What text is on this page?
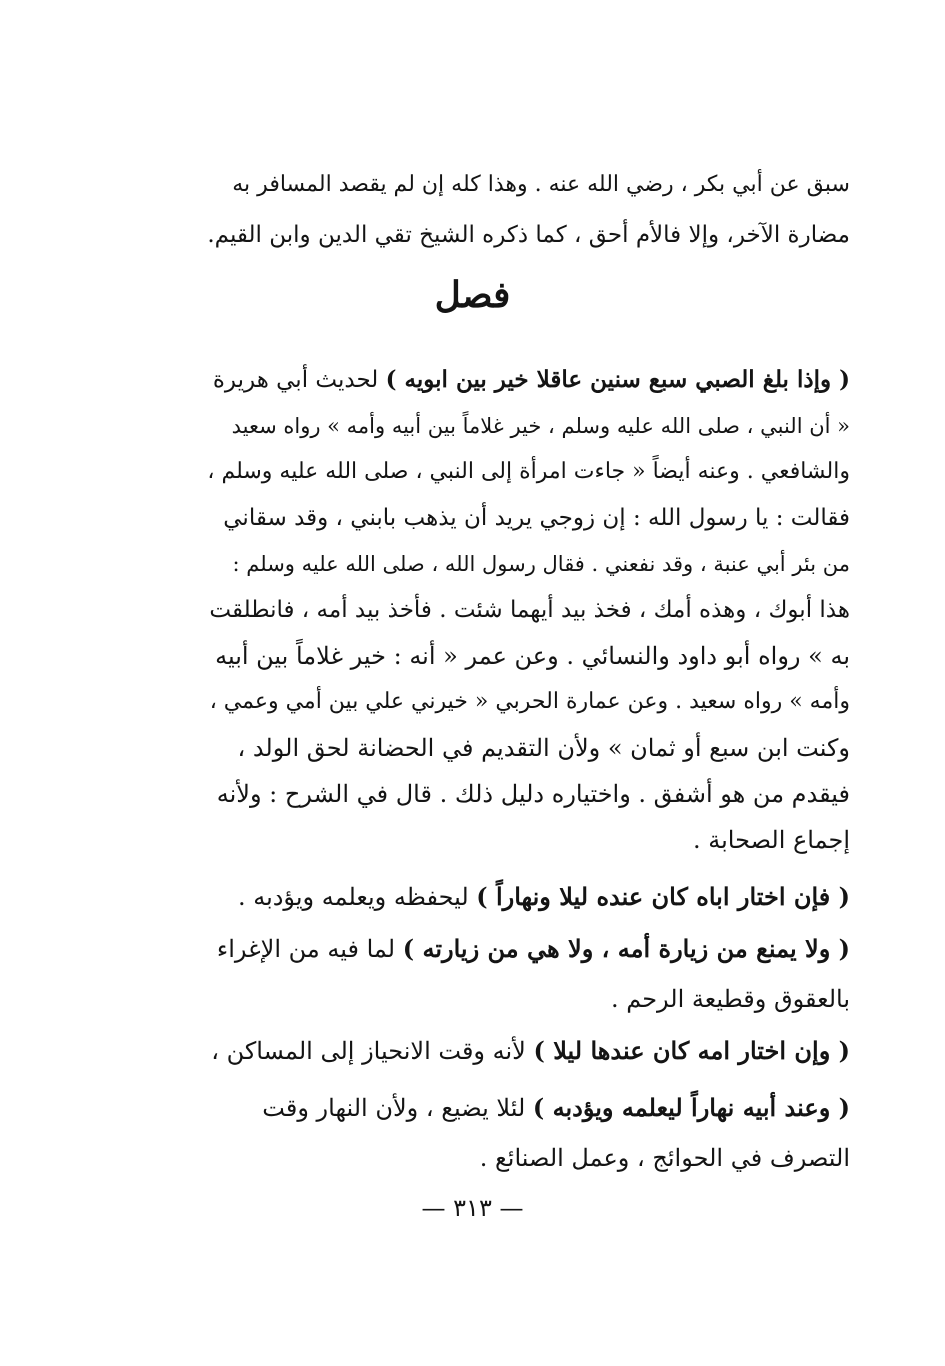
سبق عن أبي بكر ، رضي الله عنه . وهذا كله إن لم يقصد المسافر به
مضارة الآخر، وإلا فالأم أحق ، كما ذكره الشيخ تقي الدين وابن القيم.
فصل
( وإذا بلغ الصبي سبع سنين عاقلا خير بين ابويه ) لحديث أبي هريرة
« أن النبي ، صلى الله عليه وسلم ، خير غلاماً بين أبيه وأمه » رواه سعيد
والشافعي . وعنه أيضاً « جاءت امرأة إلى النبي ، صلى الله عليه وسلم ،
فقالت : يا رسول الله : إن زوجي يريد أن يذهب بابني ، وقد سقاني
من بئر أبي عنبة ، وقد نفعني . فقال رسول الله ، صلى الله عليه وسلم :
هذا أبوك ، وهذه أمك ، فخذ بيد أيهما شئت . فأخذ بيد أمه ، فانطلقت
به » رواه أبو داود والنسائي . وعن عمر « أنه : خير غلاماً بين أبيه
وأمه » رواه سعيد . وعن عمارة الحربي « خيرني علي بين أمي وعمي ،
وكنت ابن سبع أو ثمان » ولأن التقديم في الحضانة لحق الولد ،
فيقدم من هو أشفق . واختياره دليل ذلك . قال في الشرح : ولأنه
إجماع الصحابة .
( فإن اختار اباه كان عنده ليلا ونهاراً ) ليحفظه ويعلمه ويؤدبه .
( ولا يمنع من زيارة أمه ، ولا هي من زيارته ) لما فيه من الإغراء
بالعقوق وقطيعة الرحم .
( وإن اختار امه كان عندها ليلا ) لأنه وقت الانحياز إلى المساكن ،
( وعند أبيه نهاراً ليعلمه ويؤدبه ) لئلا يضيع ، ولأن النهار وقت
التصرف في الحوائج ، وعمل الصنائع .
— ٣١٣ —
